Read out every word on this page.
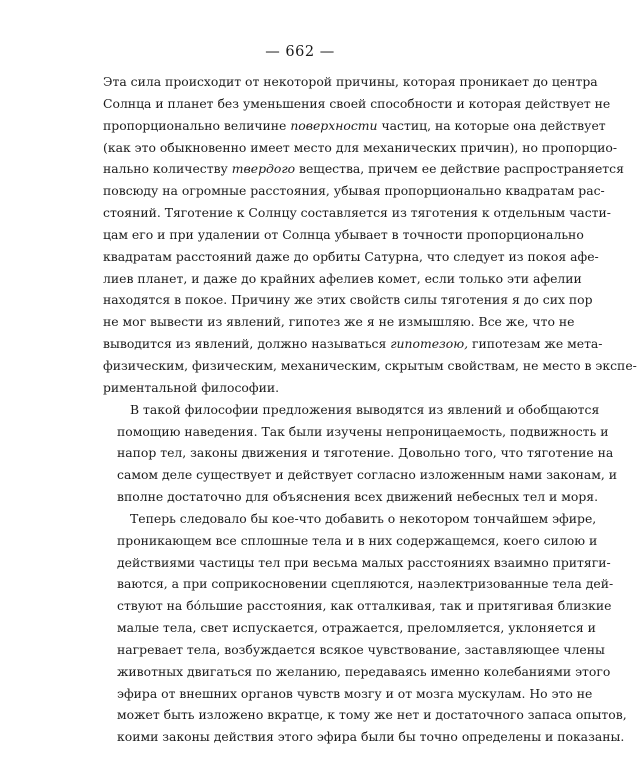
— 662 —
Эта сила происходит от некоторой причины, которая проникает до центра
Солнца и планет без уменьшения своей способности и которая действует не
пропорционально величине поверхности частиц, на которые она действует
(как это обыкновенно имеет место для механических причин), но пропорцио-
нально количеству твердого вещества, причем ее действие распространяется
повсюду на огромные расстояния, убывая пропорционально квадратам рас-
стояний. Тяготение к Солнцу составляется из тяготения к отдельным части-
цам его и при удалении от Солнца убывает в точности пропорционально
квадратам расстояний даже до орбиты Сатурна, что следует из покоя афе-
лиев планет, и даже до крайних афелиев комет, если только эти афелии
находятся в покое. Причину же этих свойств силы тяготения я до сих пор
не мог вывести из явлений, гипотез же я не измышляю. Все же, что не
выводится из явлений, должно называться гипотезою, гипотезам же мета-
физическим, физическим, механическим, скрытым свойствам, не место в экспе-
риментальной философии.
В такой философии предложения выводятся из явлений и обобщаются
помощию наведения. Так были изучены непроницаемость, подвижность и
напор тел, законы движения и тяготение. Довольно того, что тяготение на
самом деле существует и действует согласно изложенным нами законам, и
вполне достаточно для объяснения всех движений небесных тел и моря.
Теперь следовало бы кое-что добавить о некотором тончайшем эфире,
проникающем все сплошные тела и в них содержащемся, коего силою и
действиями частицы тел при весьма малых расстояниях взаимно притяги-
ваются, а при соприкосновении сцепляются, наэлектризованные тела дей-
ствуют на бо́льшие расстояния, как отталкивая, так и притягивая близкие
малые тела, свет испускается, отражается, преломляется, уклоняется и
нагревает тела, возбуждается всякое чувствование, заставляющее члены
животных двигаться по желанию, передаваясь именно колебаниями этого
эфира от внешних органов чувств мозгу и от мозга мускулам. Но это не
может быть изложено вкратце, к тому же нет и достаточного запаса опытов,
коими законы действия этого эфира были бы точно определены и показаны.
